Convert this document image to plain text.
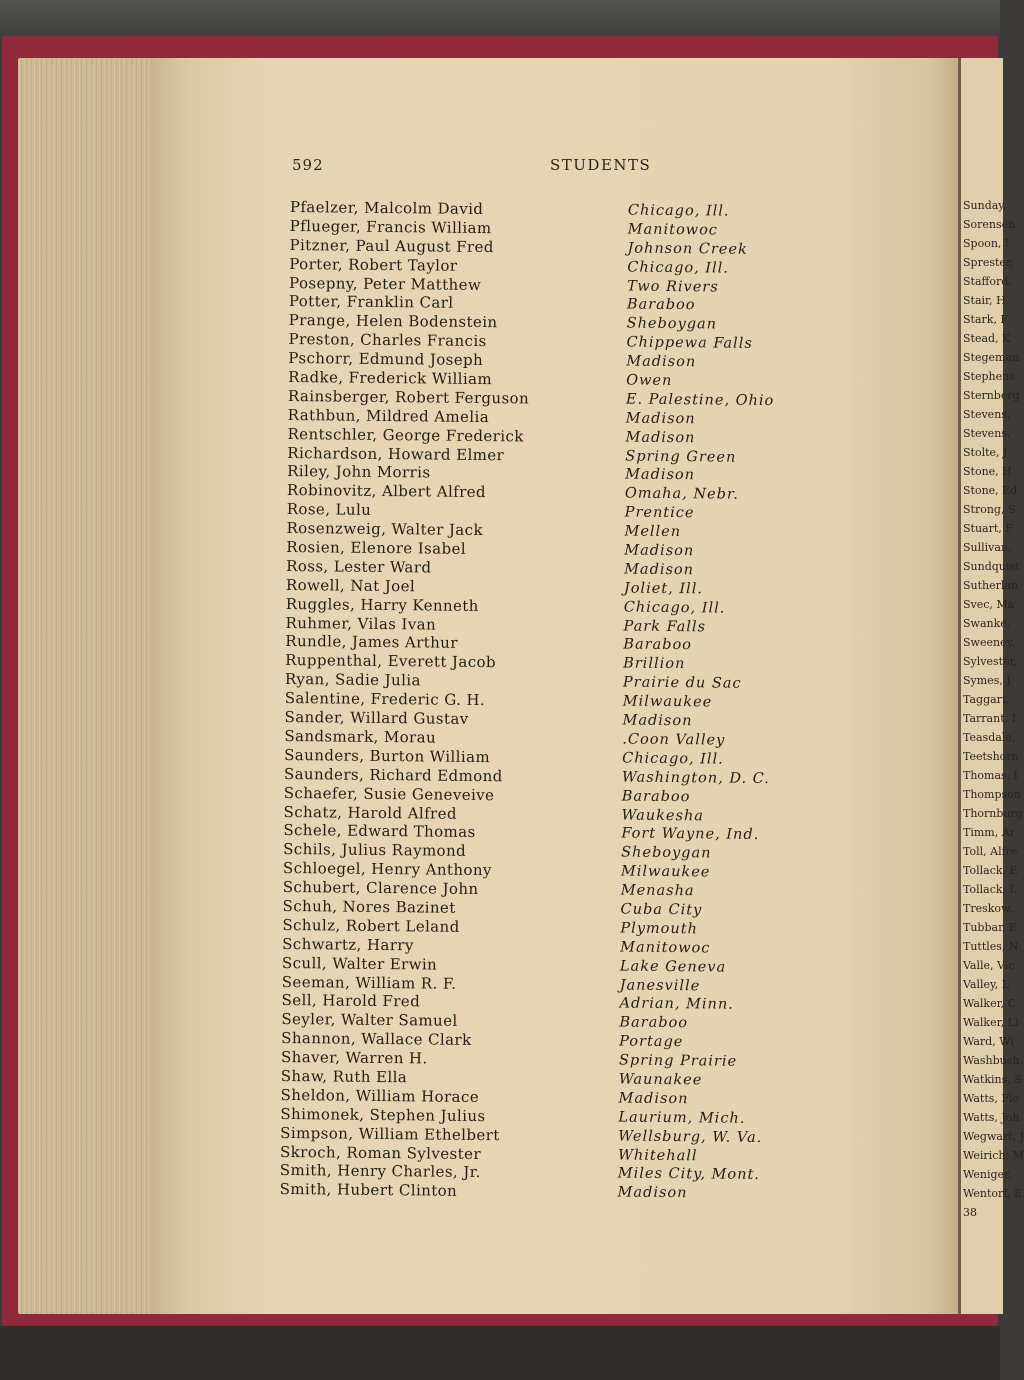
Sunday,
Sorensen
Spoon, I
Sprester,
Stafford,
Stair, H
Stark, F
Stead, K
Stegeman
Stephens
Sternberg
Stevens,
Stevens,
Stolte, J
Stone, H
Stone, Ed
Strong, S
Stuart, F
Sullivan,
Sundquist
Sutherlan
Svec, Ma
Swanke,
Sweeney,
Sylvester,
Symes, J
Taggart,
Tarrant, I
Teasdale,
Teetshorn
Thomas, I
Thompson
Thornburg
Timm, Ar
Toll, Alfre
Tollack, E
Tollack, L
Treskow,
Tubbar, E
Tuttles, N
Valle, Vic
Valley, L
Walker, C
Walker, Ll
Ward, Wi
Washbush,
Watkins, S
Watts, Flo
Watts, Joh
Wegwart, J
Weirich, M
Weniger,
Wentorf, E
38
592	STUDENTS
Pfaelzer, Malcolm David	Chicago, Ill.
Pflueger, Francis William	Manitowoc
Pitzner, Paul August Fred	Johnson Creek
Porter, Robert Taylor	Chicago, Ill.
Posepny, Peter Matthew	Two Rivers
Potter, Franklin Carl	Baraboo
Prange, Helen Bodenstein	Sheboygan
Preston, Charles Francis	Chippewa Falls
Pschorr, Edmund Joseph	Madison
Radke, Frederick William	Owen
Rainsberger, Robert Ferguson	E. Palestine, Ohio
Rathbun, Mildred Amelia	Madison
Rentschler, George Frederick	Madison
Richardson, Howard Elmer	Spring Green
Riley, John Morris	Madison
Robinovitz, Albert Alfred	Omaha, Nebr.
Rose, Lulu	Prentice
Rosenzweig, Walter Jack	Mellen
Rosien, Elenore Isabel	Madison
Ross, Lester Ward	Madison
Rowell, Nat Joel	Joliet, Ill.
Ruggles, Harry Kenneth	Chicago, Ill.
Ruhmer, Vilas Ivan	Park Falls
Rundle, James Arthur	Baraboo
Ruppenthal, Everett Jacob	Brillion
Ryan, Sadie Julia	Prairie du Sac
Salentine, Frederic G. H.	Milwaukee
Sander, Willard Gustav	Madison
Sandsmark, Morau	.Coon Valley
Saunders, Burton William	Chicago, Ill.
Saunders, Richard Edmond	Washington, D. C.
Schaefer, Susie Geneveive	Baraboo
Schatz, Harold Alfred	Waukesha
Schele, Edward Thomas	Fort Wayne, Ind.
Schils, Julius Raymond	Sheboygan
Schloegel, Henry Anthony	Milwaukee
Schubert, Clarence John	Menasha
Schuh, Nores Bazinet	Cuba City
Schulz, Robert Leland	Plymouth
Schwartz, Harry	Manitowoc
Scull, Walter Erwin	Lake Geneva
Seeman, William R. F.	Janesville
Sell, Harold Fred	Adrian, Minn.
Seyler, Walter Samuel	Baraboo
Shannon, Wallace Clark	Portage
Shaver, Warren H.	Spring Prairie
Shaw, Ruth Ella	Waunakee
Sheldon, William Horace	Madison
Shimonek, Stephen Julius	Laurium, Mich.
Simpson, William Ethelbert	Wellsburg, W. Va.
Skroch, Roman Sylvester	Whitehall
Smith, Henry Charles, Jr.	Miles City, Mont.
Smith, Hubert Clinton	Madison
